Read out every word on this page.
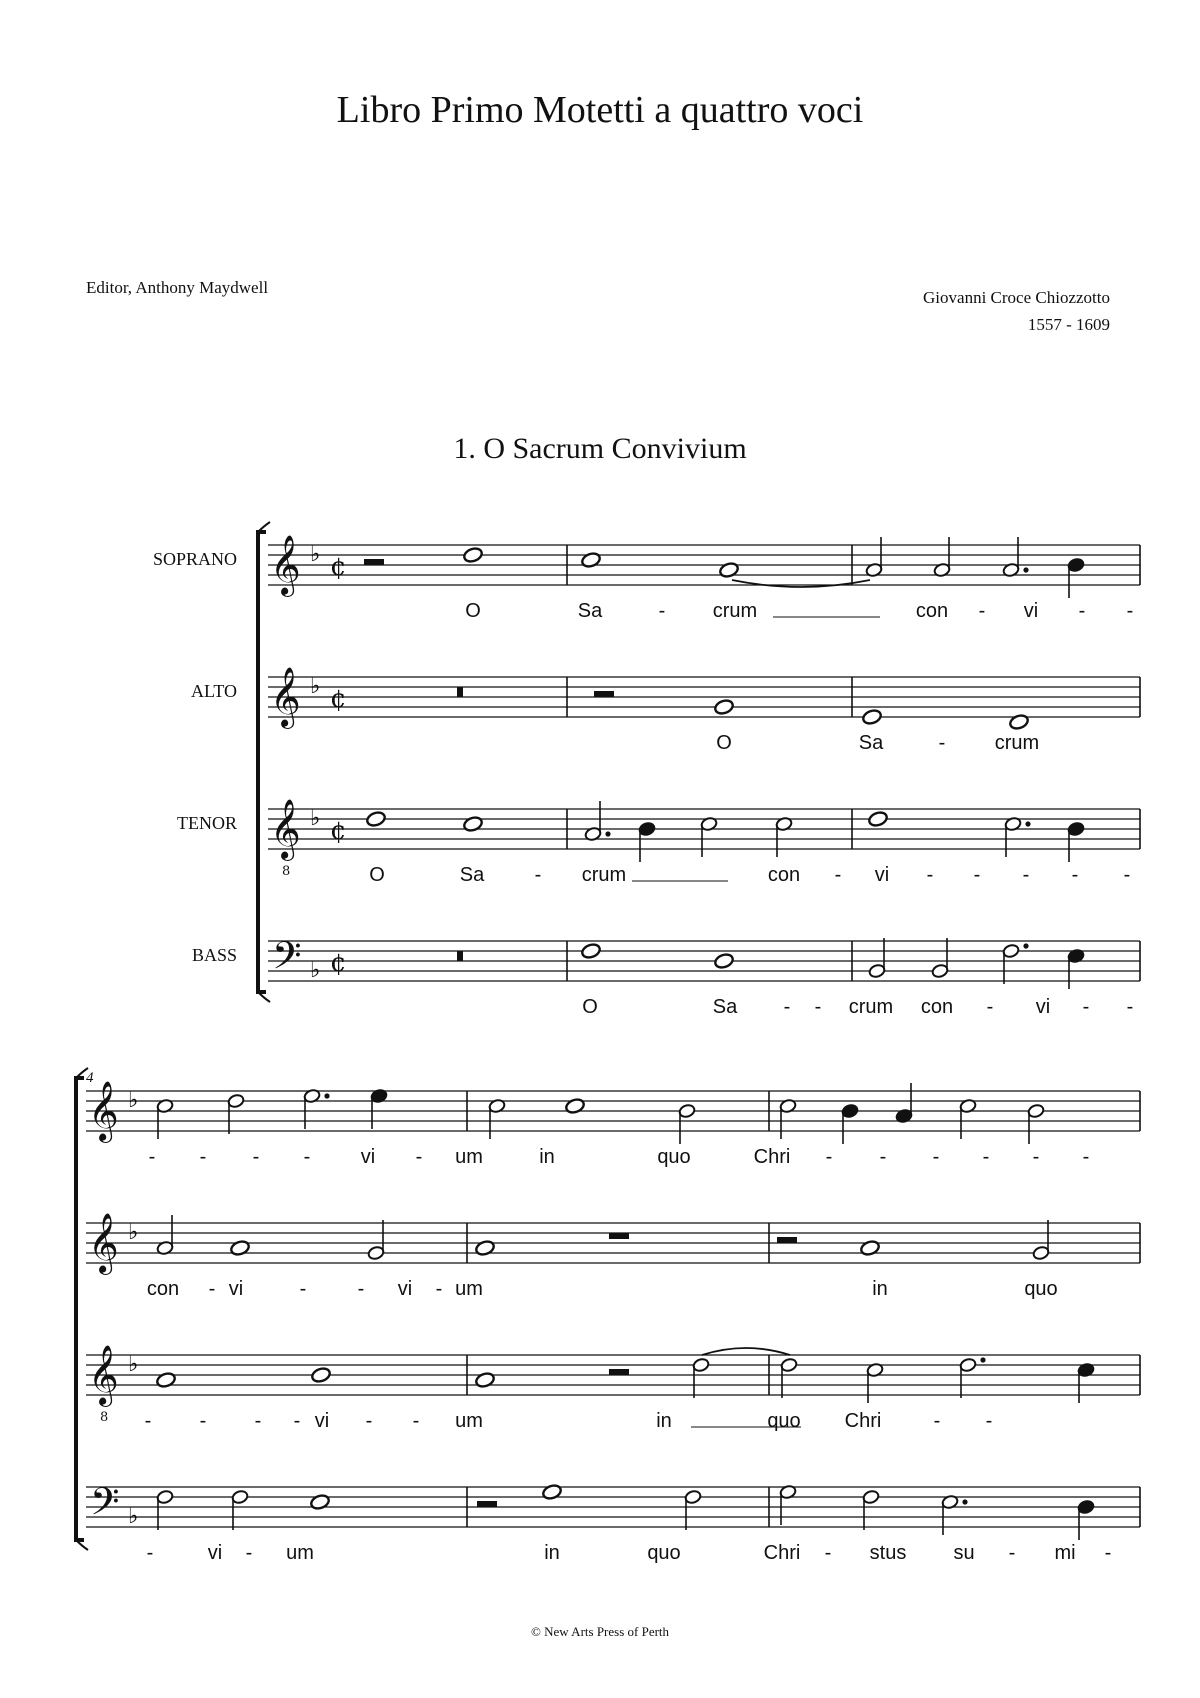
Libro Primo Motetti a quattro voci
Editor, Anthony Maydwell
Giovanni Croce Chiozzotto
1557 - 1609
1. O Sacrum Convivium
SOPRANO 𝄞 ♭ ¢
ALTO 𝄞 ♭ ¢
TENOR 𝄞
8
♭ ¢
BASS 𝄢 ♭ ¢
O	Sa	- crum	con - vi - -
O	Sa	- crum
O	Sa	- crum	con - vi - - - - -
O	Sa - - crum con - vi - -
4
𝄞 ♭
𝄞 ♭
𝄞
8
♭
𝄢 ♭
- - - -	vi - um	in	quo	Chri - - - - - -
con - vi	-	- vi - um	in	quo
- - - - vi - - um	in	quo Chri	- -
-	vi - um	in	quo	Chri - stus su - mi -
© New Arts Press of Perth
